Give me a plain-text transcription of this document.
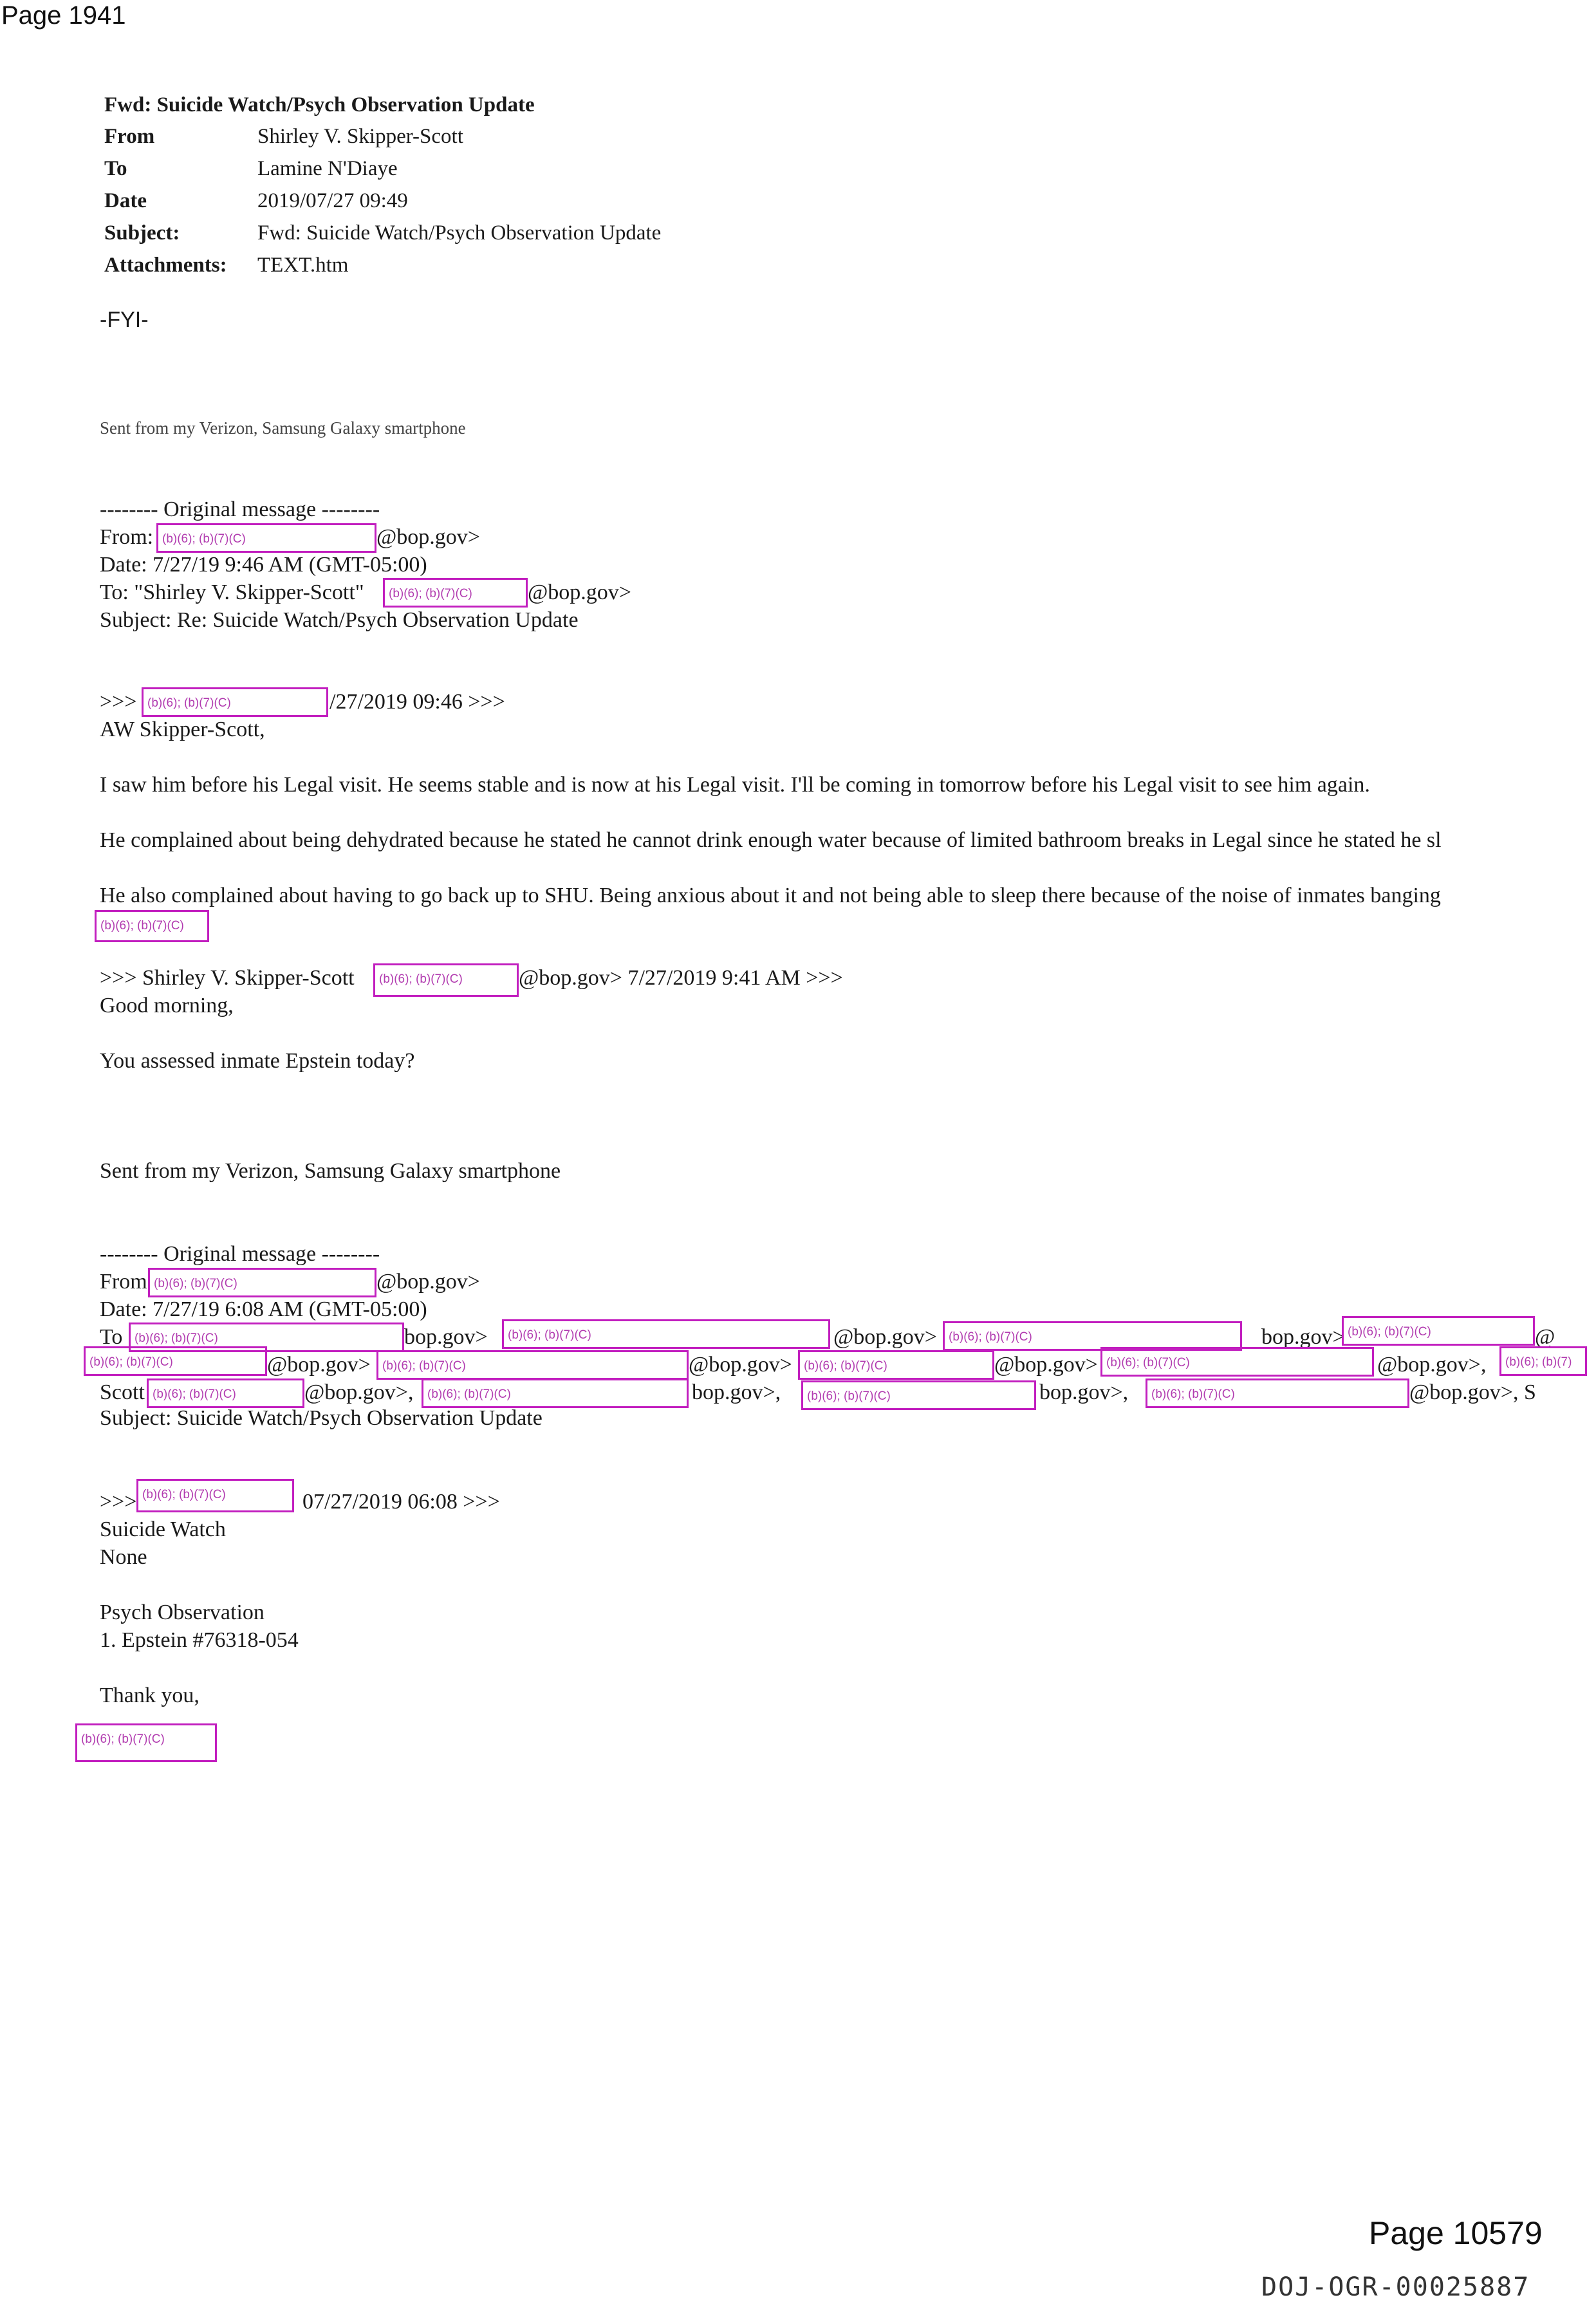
Page 1941
Fwd: Suicide Watch/Psych Observation Update
From	Shirley V. Skipper-Scott
To	Lamine N'Diaye
Date	2019/07/27 09:49
Subject:	Fwd: Suicide Watch/Psych Observation Update
Attachments: TEXT.htm
-FYI-
Sent from my Verizon, Samsung Galaxy smartphone
-------- Original message --------
From: (b)(6); (b)(7)(C)	@bop.gov>
Date: 7/27/19 9:46 AM (GMT-05:00)
To: "Shirley V. Skipper-Scott" (b)(6); (b)(7)(C)	@bop.gov>
Subject: Re: Suicide Watch/Psych Observation Update
>>> (b)(6); (b)(7)(C)	/27/2019 09:46 >>>
AW Skipper-Scott,
I saw him before his Legal visit. He seems stable and is now at his Legal visit. I'll be coming in tomorrow before his Legal visit to see him again.
He complained about being dehydrated because he stated he cannot drink enough water because of limited bathroom breaks in Legal since he stated he sl
He also complained about having to go back up to SHU. Being anxious about it and not being able to sleep there because of the noise of inmates banging
(b)(6); (b)(7)(C)
>>> Shirley V. Skipper-Scott (b)(6); (b)(7)(C)	@bop.gov> 7/27/2019 9:41 AM >>>
Good morning,
You assessed inmate Epstein today?
Sent from my Verizon, Samsung Galaxy smartphone
-------- Original message --------
From (b)(6); (b)(7)(C)	@bop.gov>
Date: 7/27/19 6:08 AM (GMT-05:00)
To (b)(6); (b)(7)(C)	bop.gov> (b)(6); (b)(7)(C)	@bop.gov> (b)(6); (b)(7)(C)	bop.gov> (b)(6); (b)(7)(C)	@
(b)(6); (b)(7)(C)	@bop.gov> (b)(6); (b)(7)(C)	@bop.gov> (b)(6); (b)(7)(C)	@bop.gov> (b)(6); (b)(7)(C)	@bop.gov>, (b)(6); (b)(7)
Scott (b)(6); (b)(7)(C)	@bop.gov>, (b)(6); (b)(7)(C)	bop.gov>, (b)(6); (b)(7)(C)	bop.gov>, (b)(6); (b)(7)(C)	@bop.gov>, S
Subject: Suicide Watch/Psych Observation Update
>>> (b)(6); (b)(7)(C)	07/27/2019 06:08 >>>
Suicide Watch
None
Psych Observation
1. Epstein #76318-054
Thank you,
(b)(6); (b)(7)(C)
Page 10579
DOJ-OGR-00025887
